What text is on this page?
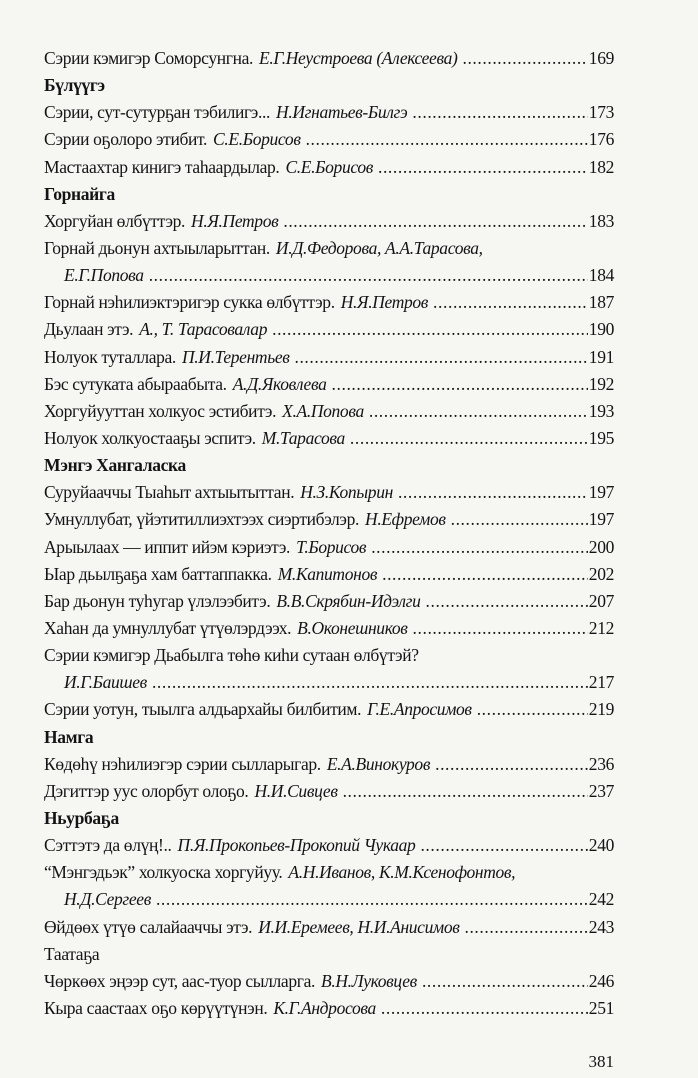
Сэрии кэмигэр Соморсунгна. Е.Г.Неустроева (Алексеева) .....	169
Бүлүүгэ
Сэрии, сут-сутурҕан тэбилигэ... Н.Игнатьев-Билгэ .....	173
Сэрии оҕолоро этибит. С.Е.Борисов .....	176
Мастаахтар кинигэ таһаардылар. С.Е.Борисов .....	182
Горнайга
Хоргуйан өлбүттэр. Н.Я.Петров .....	183
Горнай дьонун ахтыыларыттан. И.Д.Федорова, А.А.Тарасова,
Е.Г.Попова .....	184
Горнай нэһилиэктэригэр сукка өлбүттэр. Н.Я.Петров .....	187
Дьулаан этэ. А., Т. Тарасовалар .....	190
Нолуок туталлара. П.И.Терентьев .....	191
Бэс сутуката абыраабыта. А.Д.Яковлева .....	192
Хоргуйууттан холкуос эстибитэ. Х.А.Попова .....	193
Нолуок холкуостааҕы эспитэ. М.Тарасова .....	195
Мэнгэ Хангаласка
Суруйааччы Тыаһыт ахтыытыттан. Н.З.Копырин .....	197
Умнуллубат, үйэтитиллиэхтээх сиэртибэлэр. Н.Ефремов .....	197
Арыылаах — иппит ийэм кэриэтэ. Т.Борисов .....	200
Ыар дьылҕаҕа хам баттаппакка. М.Капитонов .....	202
Бар дьонун туһугар үлэлээбитэ. В.В.Скрябин-Идэлги .....	207
Хаһан да умнуллубат үтүөлэрдээх. В.Оконешников .....	212
Сэрии кэмигэр Дьабылга төһө киһи сутаан өлбүтэй?
И.Г.Баишев .....	217
Сэрии уотун, тыылга алдьархайы билбитим. Г.Е.Апросимов .....	219
Намга
Көдөһү нэһилиэгэр сэрии сылларыгар. Е.А.Винокуров .....	236
Дэгиттэр уус олорбут олоҕо. Н.И.Сивцев .....	237
Ньурбаҕа
Сэттэтэ да өлүң!.. П.Я.Прокопьев-Прокопий Чукаар .....	240
“Мэнгэдьэк” холкуоска хоргуйуу. А.Н.Иванов, К.М.Ксенофонтов,
Н.Д.Сергеев .....	242
Өйдөөх үтүө салайааччы этэ. И.И.Еремеев, Н.И.Анисимов .....	243
Таатаҕа
Чөркөөх эңээр сут, аас-туор сылларга. В.Н.Луковцев .....	246
Кыра саастаах оҕо көрүүтүнэн. К.Г.Андросова .....	251
381
